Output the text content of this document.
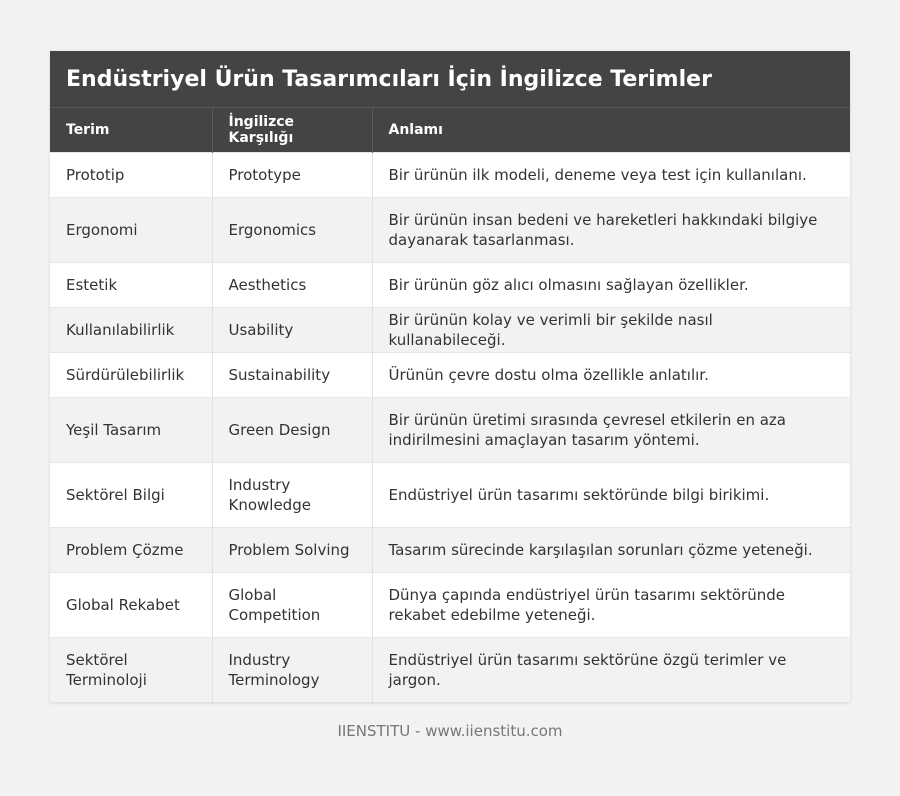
Endüstriyel Ürün Tasarımcıları İçin İngilizce Terimler
Terim	İngilizce Karşılığı	Anlamı
Prototip	Prototype	Bir ürünün ilk modeli, deneme veya test için kullanılanı.
Ergonomi	Ergonomics	Bir ürünün insan bedeni ve hareketleri hakkındaki bilgiye dayanarak tasarlanması.
Estetik	Aesthetics	Bir ürünün göz alıcı olmasını sağlayan özellikler.
Kullanılabilirlik	Usability	Bir ürünün kolay ve verimli bir şekilde nasıl kullanabileceği.
Sürdürülebilirlik	Sustainability	Ürünün çevre dostu olma özellikle anlatılır.
Yeşil Tasarım	Green Design	Bir ürünün üretimi sırasında çevresel etkilerin en aza indirilmesini amaçlayan tasarım yöntemi.
Sektörel Bilgi	Industry Knowledge	Endüstriyel ürün tasarımı sektöründe bilgi birikimi.
Problem Çözme	Problem Solving	Tasarım sürecinde karşılaşılan sorunları çözme yeteneği.
Global Rekabet	Global Competition	Dünya çapında endüstriyel ürün tasarımı sektöründe rekabet edebilme yeteneği.
Sektörel Terminoloji	Industry Terminology	Endüstriyel ürün tasarımı sektörüne özgü terimler ve jargon.
IIENSTITU - www.iienstitu.com
